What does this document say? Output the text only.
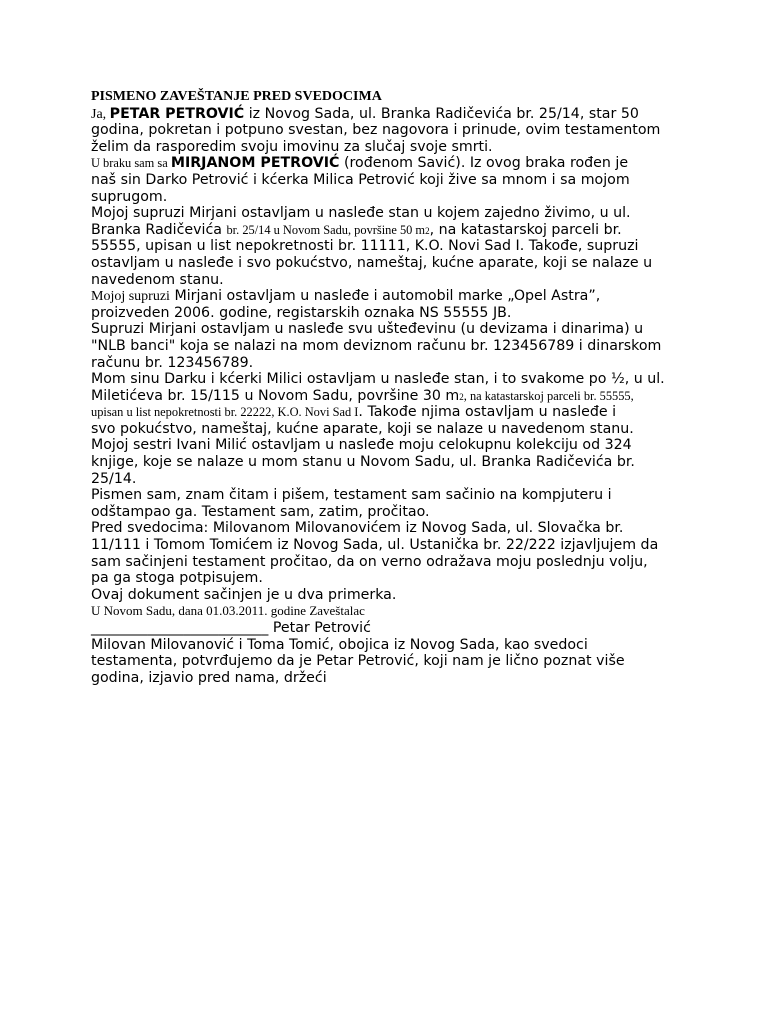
PISMENO ZAVEŠTANJE PRED SVEDOCIMA
Ja, PETAR PETROVIĆ iz Novog Sada, ul. Branka Radičevića br. 25/14, star 50
godina, pokretan i potpuno svestan, bez nagovora i prinude, ovim testamentom
želim da rasporedim svoju imovinu za slučaj svoje smrti.
U braku sam sa MIRJANOM PETROVIĆ (rođenom Savić). Iz ovog braka rođen je
naš sin Darko Petrović i kćerka Milica Petrović koji žive sa mnom i sa mojom
suprugom.
Mojoj supruzi Mirjani ostavljam u nasleđe stan u kojem zajedno živimo, u ul.
Branka Radičevića br. 25/14 u Novom Sadu, površine 50 m2, na katastarskoj parceli br.
55555, upisan u list nepokretnosti br. 11111, K.O. Novi Sad I. Takođe, supruzi
ostavljam u nasleđe i svo pokućstvo, nameštaj, kućne aparate, koji se nalaze u
navedenom stanu.
Mojoj supruzi Mirjani ostavljam u nasleđe i automobil marke „Opel Astra”,
proizveden 2006. godine, registarskih oznaka NS 55555 JB.
Supruzi Mirjani ostavljam u nasleđe svu ušteđevinu (u devizama i dinarima) u
"NLB banci" koja se nalazi na mom deviznom računu br. 123456789 i dinarskom
računu br. 123456789.
Mom sinu Darku i kćerki Milici ostavljam u nasleđe stan, i to svakome po ½, u ul.
Miletićeva br. 15/115 u Novom Sadu, površine 30 m2, na katastarskoj parceli br. 55555,
upisan u list nepokretnosti br. 22222, K.O. Novi Sad I. Takođe njima ostavljam u nasleđe i
svo pokućstvo, nameštaj, kućne aparate, koji se nalaze u navedenom stanu.
Mojoj sestri Ivani Milić ostavljam u nasleđe moju celokupnu kolekciju od 324
knjige, koje se nalaze u mom stanu u Novom Sadu, ul. Branka Radičevića br.
25/14.
Pismen sam, znam čitam i pišem, testament sam sačinio na kompjuteru i
odštampao ga. Testament sam, zatim, pročitao.
Pred svedocima: Milovanom Milovanovićem iz Novog Sada, ul. Slovačka br.
11/111 i Tomom Tomićem iz Novog Sada, ul. Ustanička br. 22/222 izjavljujem da
sam sačinjeni testament pročitao, da on verno odražava moju poslednju volju,
pa ga stoga potpisujem.
Ovaj dokument sačinjen je u dva primerka.
U Novom Sadu, dana 01.03.2011. godine Zaveštalac
_________________________ Petar Petrović
Milovan Milovanović i Toma Tomić, obojica iz Novog Sada, kao svedoci
testamenta, potvrđujemo da je Petar Petrović, koji nam je lično poznat više
godina, izjavio pred nama, držeći
